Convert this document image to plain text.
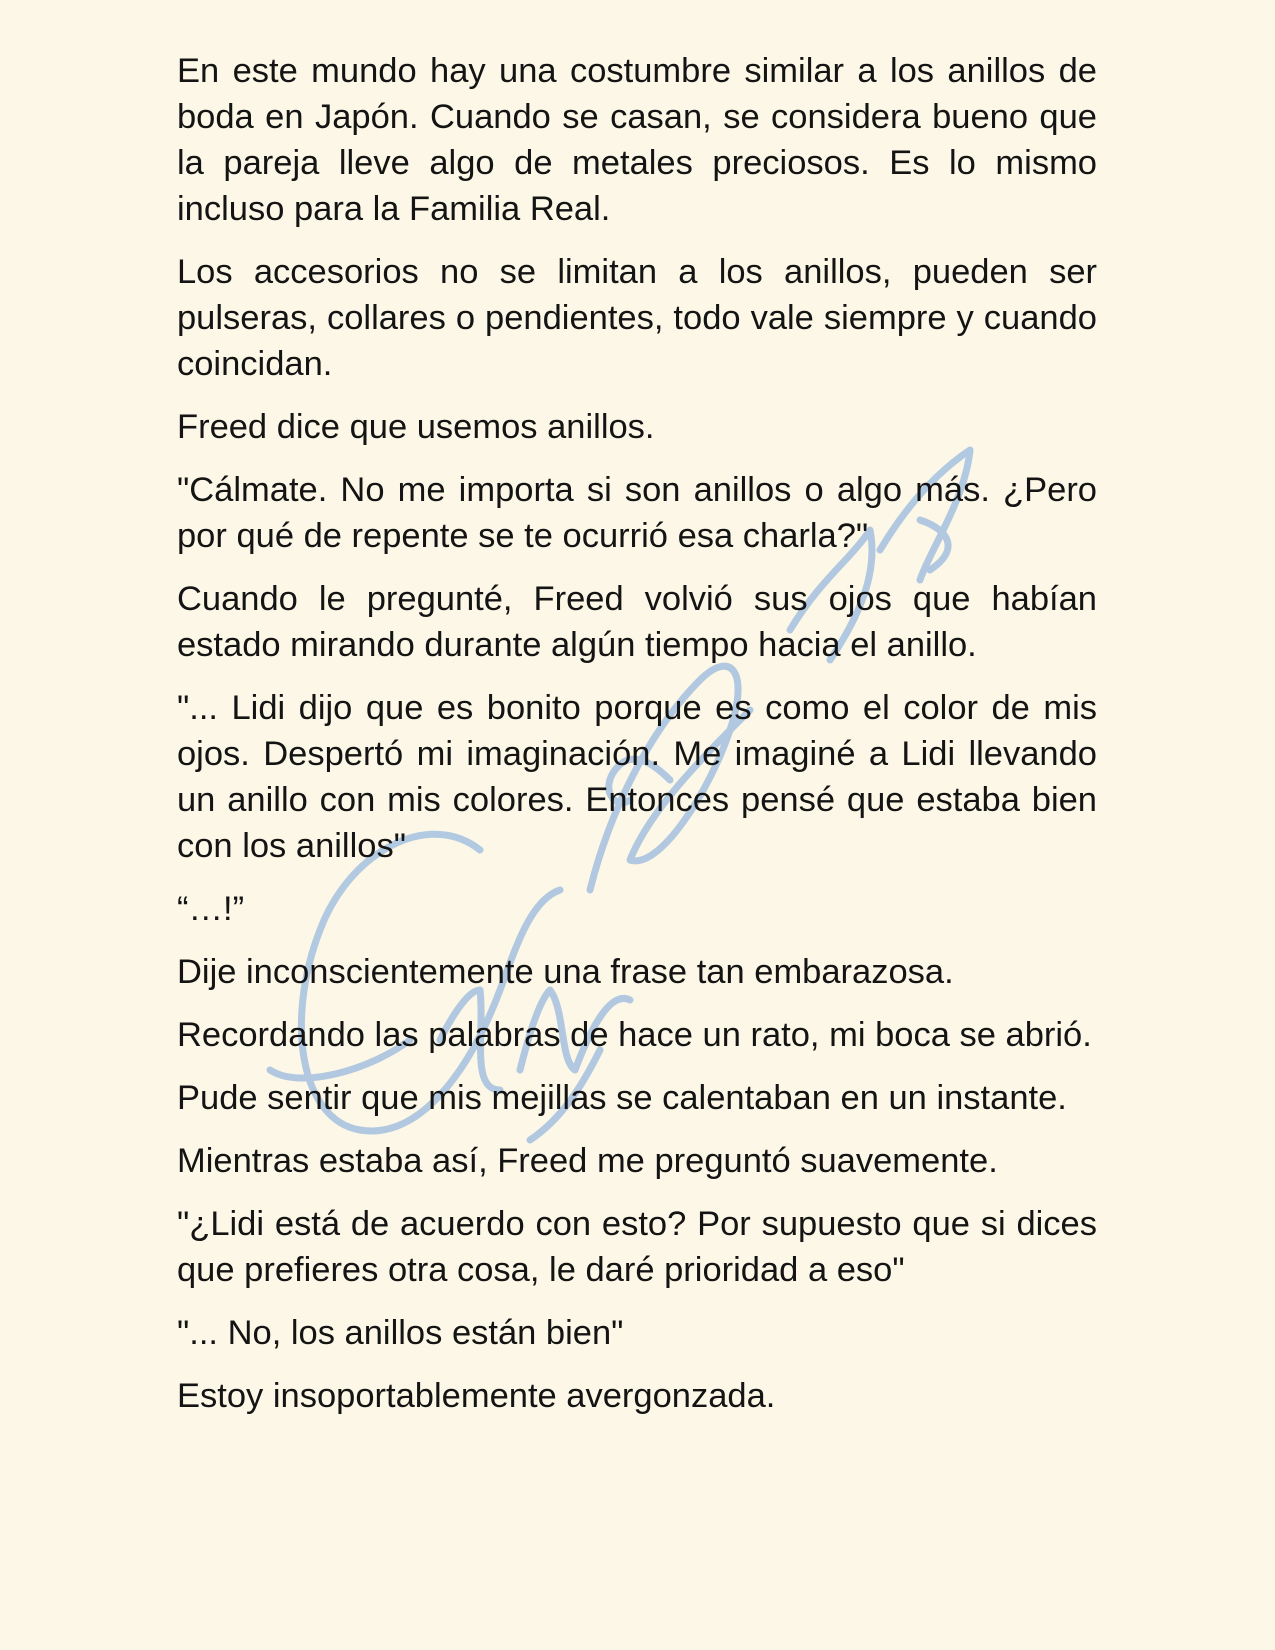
En este mundo hay una costumbre similar a los anillos de boda en Japón. Cuando se casan, se considera bueno que la pareja lleve algo de metales preciosos. Es lo mismo incluso para la Familia Real.

Los accesorios no se limitan a los anillos, pueden ser pulseras, collares o pendientes, todo vale siempre y cuando coincidan.

Freed dice que usemos anillos.

"Cálmate. No me importa si son anillos o algo más. ¿Pero por qué de repente se te ocurrió esa charla?"

Cuando le pregunté, Freed volvió sus ojos que habían estado mirando durante algún tiempo hacia el anillo.

"... Lidi dijo que es bonito porque es como el color de mis ojos. Despertó mi imaginación. Me imaginé a Lidi llevando un anillo con mis colores. Entonces pensé que estaba bien con los anillos"

“…!”

Dije inconscientemente una frase tan embarazosa.

Recordando las palabras de hace un rato, mi boca se abrió.

Pude sentir que mis mejillas se calentaban en un instante.

Mientras estaba así, Freed me preguntó suavemente.

"¿Lidi está de acuerdo con esto? Por supuesto que si dices que prefieres otra cosa, le daré prioridad a eso"

"... No, los anillos están bien"

Estoy insoportablemente avergonzada.
